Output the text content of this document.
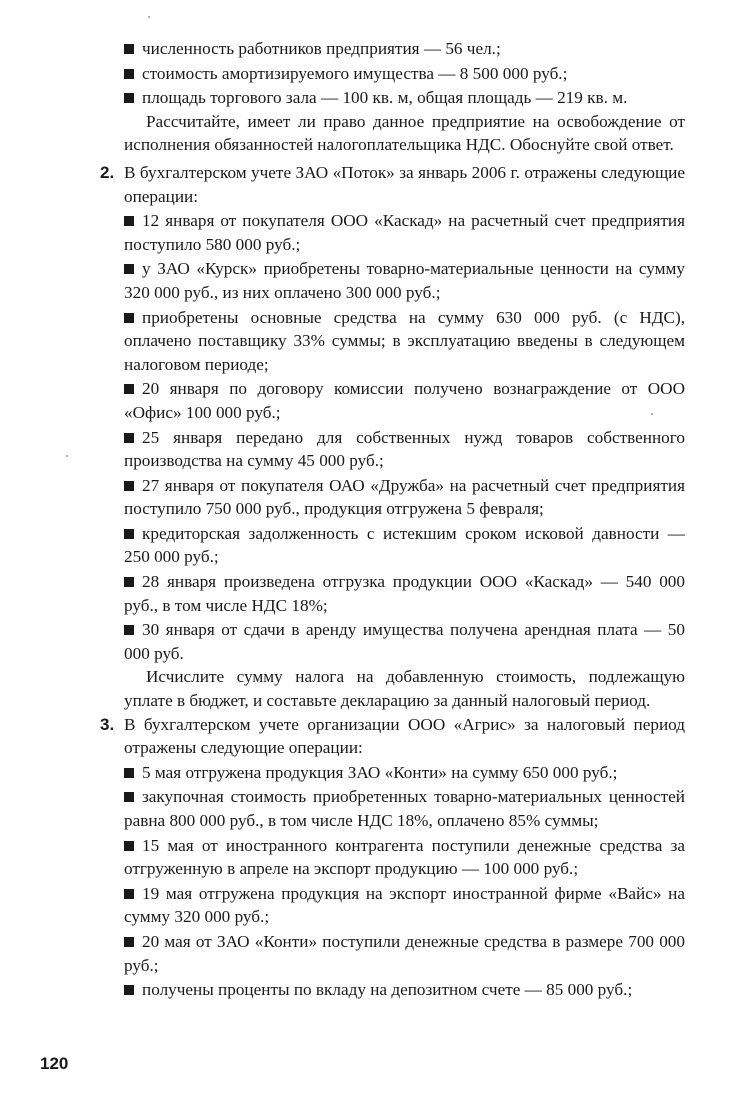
численность работников предприятия — 56 чел.;
стоимость амортизируемого имущества — 8 500 000 руб.;
площадь торгового зала — 100 кв. м, общая площадь — 219 кв. м.
Рассчитайте, имеет ли право данное предприятие на освобождение от исполнения обязанностей налогоплательщика НДС. Обоснуйте свой ответ.
2. В бухгалтерском учете ЗАО «Поток» за январь 2006 г. отражены следующие операции:
12 января от покупателя ООО «Каскад» на расчетный счет предприятия поступило 580 000 руб.;
у ЗАО «Курск» приобретены товарно-материальные ценности на сумму 320 000 руб., из них оплачено 300 000 руб.;
приобретены основные средства на сумму 630 000 руб. (с НДС), оплачено поставщику 33% суммы; в эксплуатацию введены в следующем налоговом периоде;
20 января по договору комиссии получено вознаграждение от ООО «Офис» 100 000 руб.;
25 января передано для собственных нужд товаров собственного производства на сумму 45 000 руб.;
27 января от покупателя ОАО «Дружба» на расчетный счет предприятия поступило 750 000 руб., продукция отгружена 5 февраля;
кредиторская задолженность с истекшим сроком исковой давности — 250 000 руб.;
28 января произведена отгрузка продукции ООО «Каскад» — 540 000 руб., в том числе НДС 18%;
30 января от сдачи в аренду имущества получена арендная плата — 50 000 руб.
Исчислите сумму налога на добавленную стоимость, подлежащую уплате в бюджет, и составьте декларацию за данный налоговый период.
3. В бухгалтерском учете организации ООО «Агрис» за налоговый период отражены следующие операции:
5 мая отгружена продукция ЗАО «Конти» на сумму 650 000 руб.;
закупочная стоимость приобретенных товарно-материальных ценностей равна 800 000 руб., в том числе НДС 18%, оплачено 85% суммы;
15 мая от иностранного контрагента поступили денежные средства за отгруженную в апреле на экспорт продукцию — 100 000 руб.;
19 мая отгружена продукция на экспорт иностранной фирме «Вайс» на сумму 320 000 руб.;
20 мая от ЗАО «Конти» поступили денежные средства в размере 700 000 руб.;
получены проценты по вкладу на депозитном счете — 85 000 руб.;
120
